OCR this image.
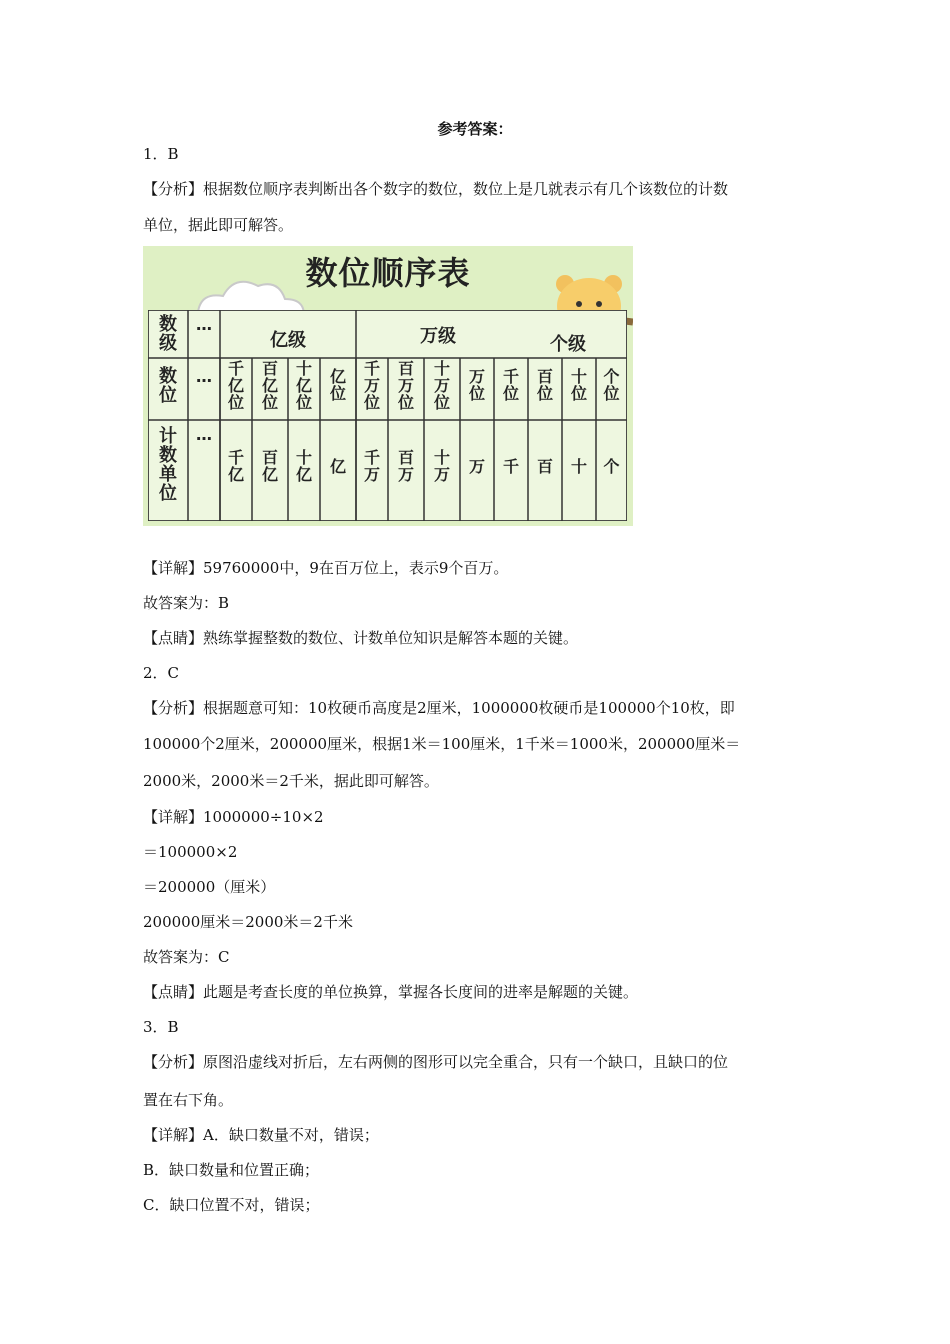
参考答案：
1．B
【分析】根据数位顺序表判断出各个数字的数位，数位上是几就表示有几个该数位的计数
单位，据此即可解答。
数位顺序表
数级
数位
计数单位
…
…
…
亿级	万级	个级
千亿位
千亿
百亿位
百亿
十亿位
十亿
亿位
亿
千万位
千万
百万位
百万
十万位
十万
万位
万
千位
千
百位
百
十位
十
个位
个
【详解】59760000中，9在百万位上，表示9个百万。
故答案为：B
【点睛】熟练掌握整数的数位、计数单位知识是解答本题的关键。
2．C
【分析】根据题意可知：10枚硬币高度是2厘米，1000000枚硬币是100000个10枚，即
100000个2厘米，200000厘米，根据1米＝100厘米，1千米＝1000米，200000厘米＝
2000米，2000米＝2千米，据此即可解答。
【详解】1000000÷10×2
＝100000×2
＝200000（厘米）
200000厘米＝2000米＝2千米
故答案为：C
【点睛】此题是考查长度的单位换算，掌握各长度间的进率是解题的关键。
3．B
【分析】原图沿虚线对折后，左右两侧的图形可以完全重合，只有一个缺口，且缺口的位
置在右下角。
【详解】A．缺口数量不对，错误；
B．缺口数量和位置正确；
C．缺口位置不对，错误；
